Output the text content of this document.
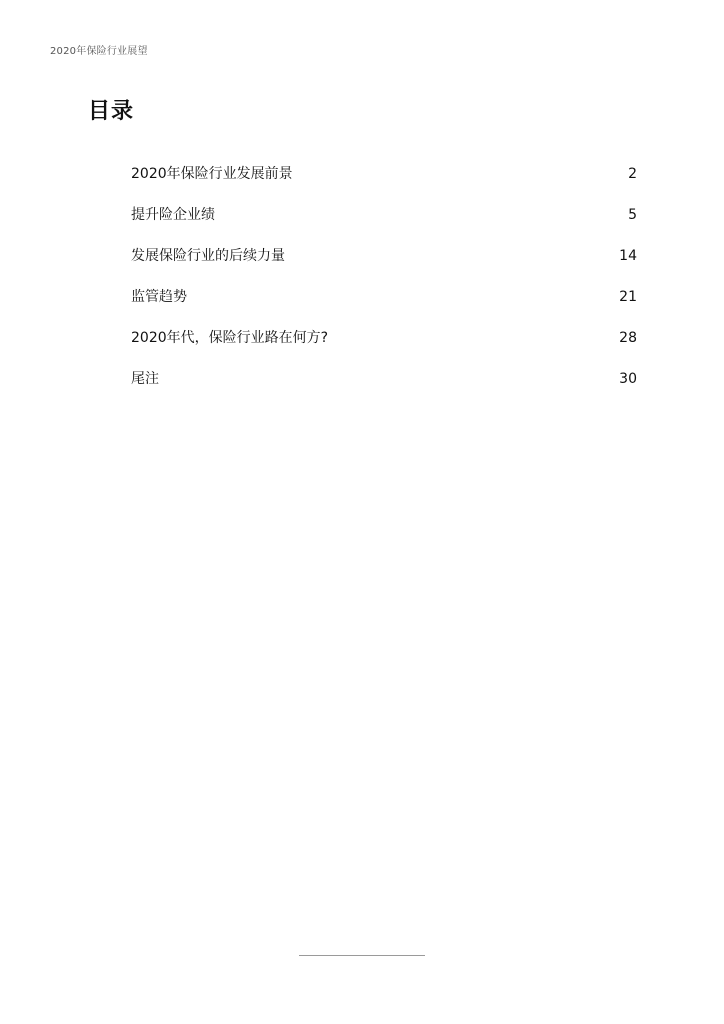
2020年保险行业展望
目录
2020年保险行业发展前景	2
提升险企业绩	5
发展保险行业的后续力量	14
监管趋势	21
2020年代，保险行业路在何方?	28
尾注	30
